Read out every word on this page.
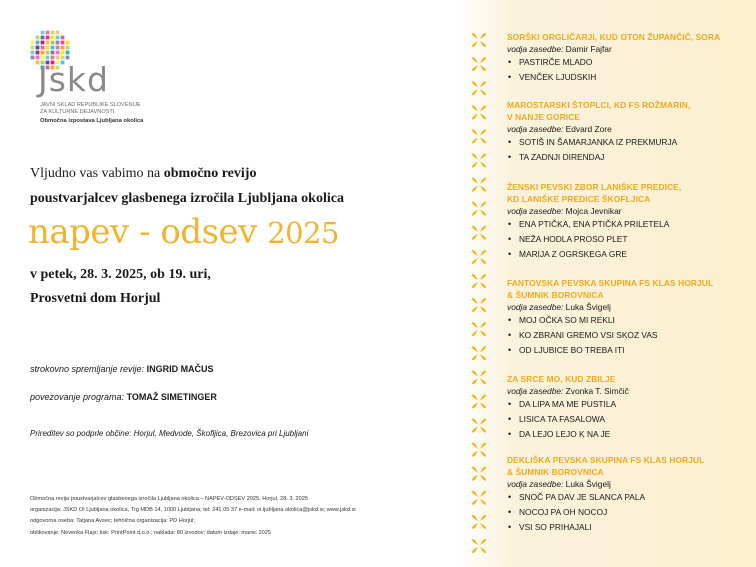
Jskd
JAVNI SKLAD REPUBLIKE SLOVENIJE
ZA KULTURNE DEJAVNOSTI
Območna izpostava Ljubljana okolica
Vljudno vas vabimo na območno revijo
poustvarjalcev glasbenega izročila Ljubljana okolica
napev - odsev 2025
v petek, 28. 3. 2025, ob 19. uri,
Prosvetni dom Horjul
strokovno spremljanje revije: INGRID MAČUS
povezovanje programa: TOMAŽ SIMETINGER
Prireditev so podprle občine: Horjul, Medvode, Škofljica, Brezovica pri Ljubljani
Območna revija poustvarjalcev glasbenega izročila Ljubljana okolica – NAPEV-ODSEV 2025, Horjul, 28. 3. 2025
organizacija: JSKD OI Ljubljana okolica, Trg MDB 14, 1000 Ljubljana; tel: 241 05 37 e-mail: oi.ljubljana.okolica@jskd.si; www.jskd.si
odgovorna oseba: Tatjana Avsec; tehnična organizacija: PD Horjul;
oblikovanje: Nevenka Flajs; tisk: PrintPoint d.o.o.; naklada: 80 izvodov; datum izdaje: marec 2025
SORŠKI ORGLIČARJI, KUD OTON ŽUPANČIČ, SORA
vodja zasedbe: Damir Fajfar
• PASTIRČE MLADO
• VENČEK LJUDSKIH
MAROSTARSKI ŠTOPLCI, KD FS ROŽMARIN,
V NANJE GORICE
vodja zasedbe: Edvard Zore
• SOTIŠ IN ŠAMARJANKA IZ PREKMURJA
• TA ZADNJI DIRENDAJ
ŽENSKI PEVSKI ZBOR LANIŠKE PREDICE,
KD LANIŠKE PREDICE ŠKOFLJICA
vodja zasedbe: Mojca Jevnikar
• ENA PTIČKA, ENA PTIČKA PRILETELA
• NEŽA HODLA PROSO PLET
• MARIJA Z OGRSKEGA GRE
FANTOVSKA PEVSKA SKUPINA FS KLAS HORJUL
& ŠUMNIK BOROVNICA
vodja zasedbe: Luka Švigelj
• MOJ OČKA SO MI REKLI
• KO ZBRANI GREMO VSI SKOZ VAS
• OD LJUBICE BO TREBA ITI
ZA SRCE MO, KUD ZBILJE
vodja zasedbe: Zvonka T. Simčič
• DA LIPA MA ME PUSTILA
• LISICA TA FASALOWA
• DA LEJO LEJO K NA JE
DEKLIŠKA PEVSKA SKUPINA FS KLAS HORJUL
& ŠUMNIK BOROVNICA
vodja zasedbe: Luka Švigelj
• SNOČ PA DAV JE SLANCA PALA
• NOCOJ PA OH NOCOJ
• VSI SO PRIHAJALI
